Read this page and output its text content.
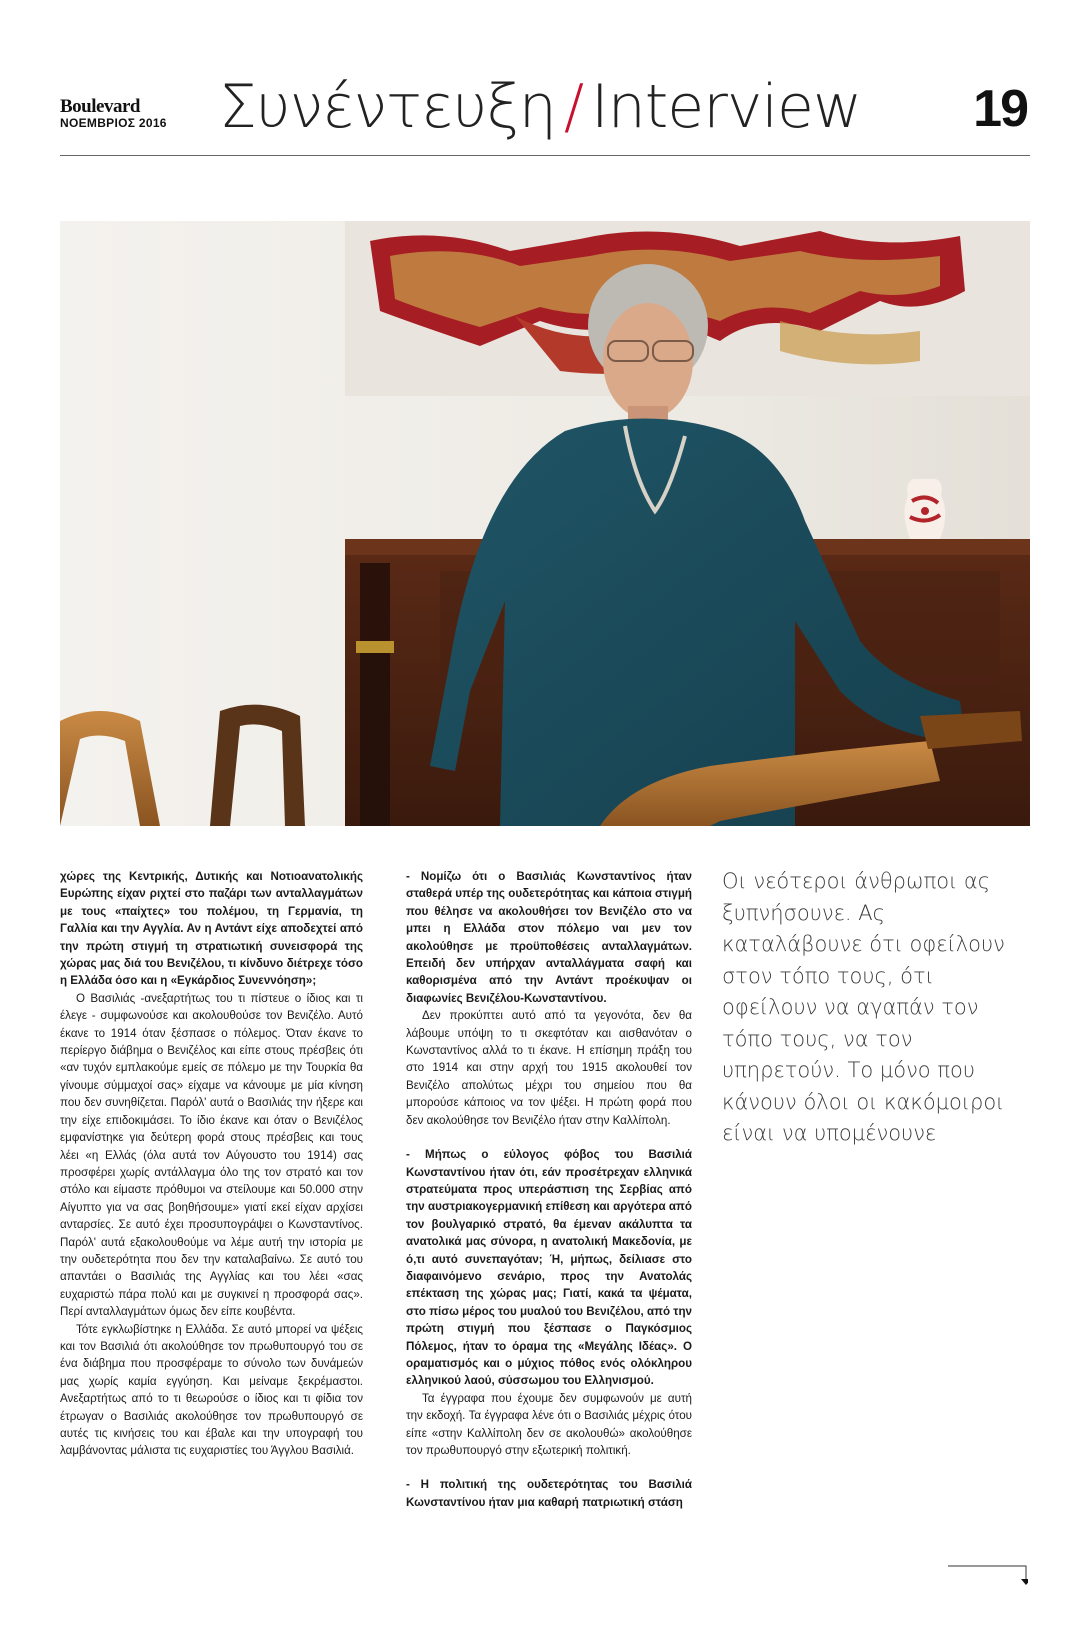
Boulevard
ΝΟΕΜΒΡΙΟΣ 2016 Συνέντευξη / Interview	19

χώρες της Κεντρικής, Δυτικής και Νοτιοανατολικής Ευρώπης είχαν ριχτεί στο παζάρι των ανταλλαγμάτων με τους «παίχτες» του πολέμου, τη Γερμανία, τη Γαλλία και την Αγγλία. Αν η Αντάντ είχε αποδεχτεί από την πρώτη στιγμή τη στρατιωτική συνεισφορά της χώρας μας διά του Βενιζέλου, τι κίνδυνο διέτρεχε τόσο η Ελλάδα όσο και η «Εγκάρδιος Συνεννόηση»;

Ο Βασιλιάς -ανεξαρτήτως του τι πίστευε ο ίδιος και τι έλεγε - συμφωνούσε και ακολουθούσε τον Βενιζέλο. Αυτό έκανε το 1914 όταν ξέσπασε ο πόλεμος. Όταν έκανε το περίεργο διάβημα ο Βενιζέλος και είπε στους πρέσβεις ότι «αν τυχόν εμπλακούμε εμείς σε πόλεμο με την Τουρκία θα γίνουμε σύμμαχοί σας» είχαμε να κάνουμε με μία κίνηση που δεν συνηθίζεται. Παρόλ' αυτά ο Βασιλιάς την ήξερε και την είχε επιδοκιμάσει. Το ίδιο έκανε και όταν ο Βενιζέλος εμφανίστηκε για δεύτερη φορά στους πρέσβεις και τους λέει «η Ελλάς (όλα αυτά τον Αύγουστο του 1914) σας προσφέρει χωρίς αντάλλαγμα όλο της τον στρατό και τον στόλο και είμαστε πρόθυμοι να στείλουμε και 50.000 στην Αίγυπτο για να σας βοηθήσουμε» γιατί εκεί είχαν αρχίσει ανταρσίες. Σε αυτό έχει προσυπογράψει ο Κωνσταντίνος. Παρόλ' αυτά εξακολουθούμε να λέμε αυτή την ιστορία με την ουδετερότητα που δεν την καταλαβαίνω. Σε αυτό του απαντάει ο Βασιλιάς της Αγγλίας και του λέει «σας ευχαριστώ πάρα πολύ και με συγκινεί η προσφορά σας». Περί ανταλλαγμάτων όμως δεν είπε κουβέντα.

Τότε εγκλωβίστηκε η Ελλάδα. Σε αυτό μπορεί να ψέξεις και τον Βασιλιά ότι ακολούθησε τον πρωθυπουργό του σε ένα διάβημα που προσφέραμε το σύνολο των δυνάμεών μας χωρίς καμία εγγύηση. Και μείναμε ξεκρέμαστοι. Ανεξαρτήτως από το τι θεωρούσε ο ίδιος και τι φίδια τον έτρωγαν ο Βασιλιάς ακολούθησε τον πρωθυπουργό σε αυτές τις κινήσεις του και έβαλε και την υπογραφή του λαμβάνοντας μάλιστα τις ευχαριστίες του Άγγλου Βασιλιά.

- Νομίζω ότι ο Βασιλιάς Κωνσταντίνος ήταν σταθερά υπέρ της ουδετερότητας και κάποια στιγμή που θέλησε να ακολουθήσει τον Βενιζέλο στο να μπει η Ελλάδα στον πόλεμο ναι μεν τον ακολούθησε με προϋποθέσεις ανταλλαγμάτων. Επειδή δεν υπήρχαν ανταλλάγματα σαφή και καθορισμένα από την Αντάντ προέκυψαν οι διαφωνίες Βενιζέλου-Κωνσταντίνου.

Δεν προκύπτει αυτό από τα γεγονότα, δεν θα λάβουμε υπόψη το τι σκεφτόταν και αισθανόταν ο Κωνσταντίνος αλλά το τι έκανε. Η επίσημη πράξη του στο 1914 και στην αρχή του 1915 ακολουθεί τον Βενιζέλο απολύτως μέχρι του σημείου που θα μπορούσε κάποιος να τον ψέξει. Η πρώτη φορά που δεν ακολούθησε τον Βενιζέλο ήταν στην Καλλίπολη.

- Μήπως ο εύλογος φόβος του Βασιλιά Κωνσταντίνου ήταν ότι, εάν προσέτρεχαν ελληνικά στρατεύματα προς υπεράσπιση της Σερβίας από την αυστριακογερμανική επίθεση και αργότερα από τον βουλγαρικό στρατό, θα έμεναν ακάλυπτα τα ανατολικά μας σύνορα, η ανατολική Μακεδονία, με ό,τι αυτό συνεπαγόταν; Ή, μήπως, δείλιασε στο διαφαινόμενο σενάριο, προς την Ανατολάς επέκταση της χώρας μας; Γιατί, κακά τα ψέματα, στο πίσω μέρος του μυαλού του Βενιζέλου, από την πρώτη στιγμή που ξέσπασε ο Παγκόσμιος Πόλεμος, ήταν το όραμα της «Μεγάλης Ιδέας». Ο οραματισμός και ο μύχιος πόθος ενός ολόκληρου ελληνικού λαού, σύσσωμου του Ελληνισμού.

Τα έγγραφα που έχουμε δεν συμφωνούν με αυτή την εκδοχή. Τα έγγραφα λένε ότι ο Βασιλιάς μέχρις ότου είπε «στην Καλλίπολη δεν σε ακολουθώ» ακολούθησε τον πρωθυπουργό στην εξωτερική πολιτική.

- Η πολιτική της ουδετερότητας του Βασιλιά Κωνσταντίνου ήταν μια καθαρή πατριωτική στάση

Οι νεότεροι άνθρωποι ας ξυπνήσουνε. Ας καταλάβουνε ότι οφείλουν στον τόπο τους, ότι οφείλουν να αγαπάν τον τόπο τους, να τον υπηρετούν. Το μόνο που κάνουν όλοι οι κακόμοιροι είναι να υπομένουνε
